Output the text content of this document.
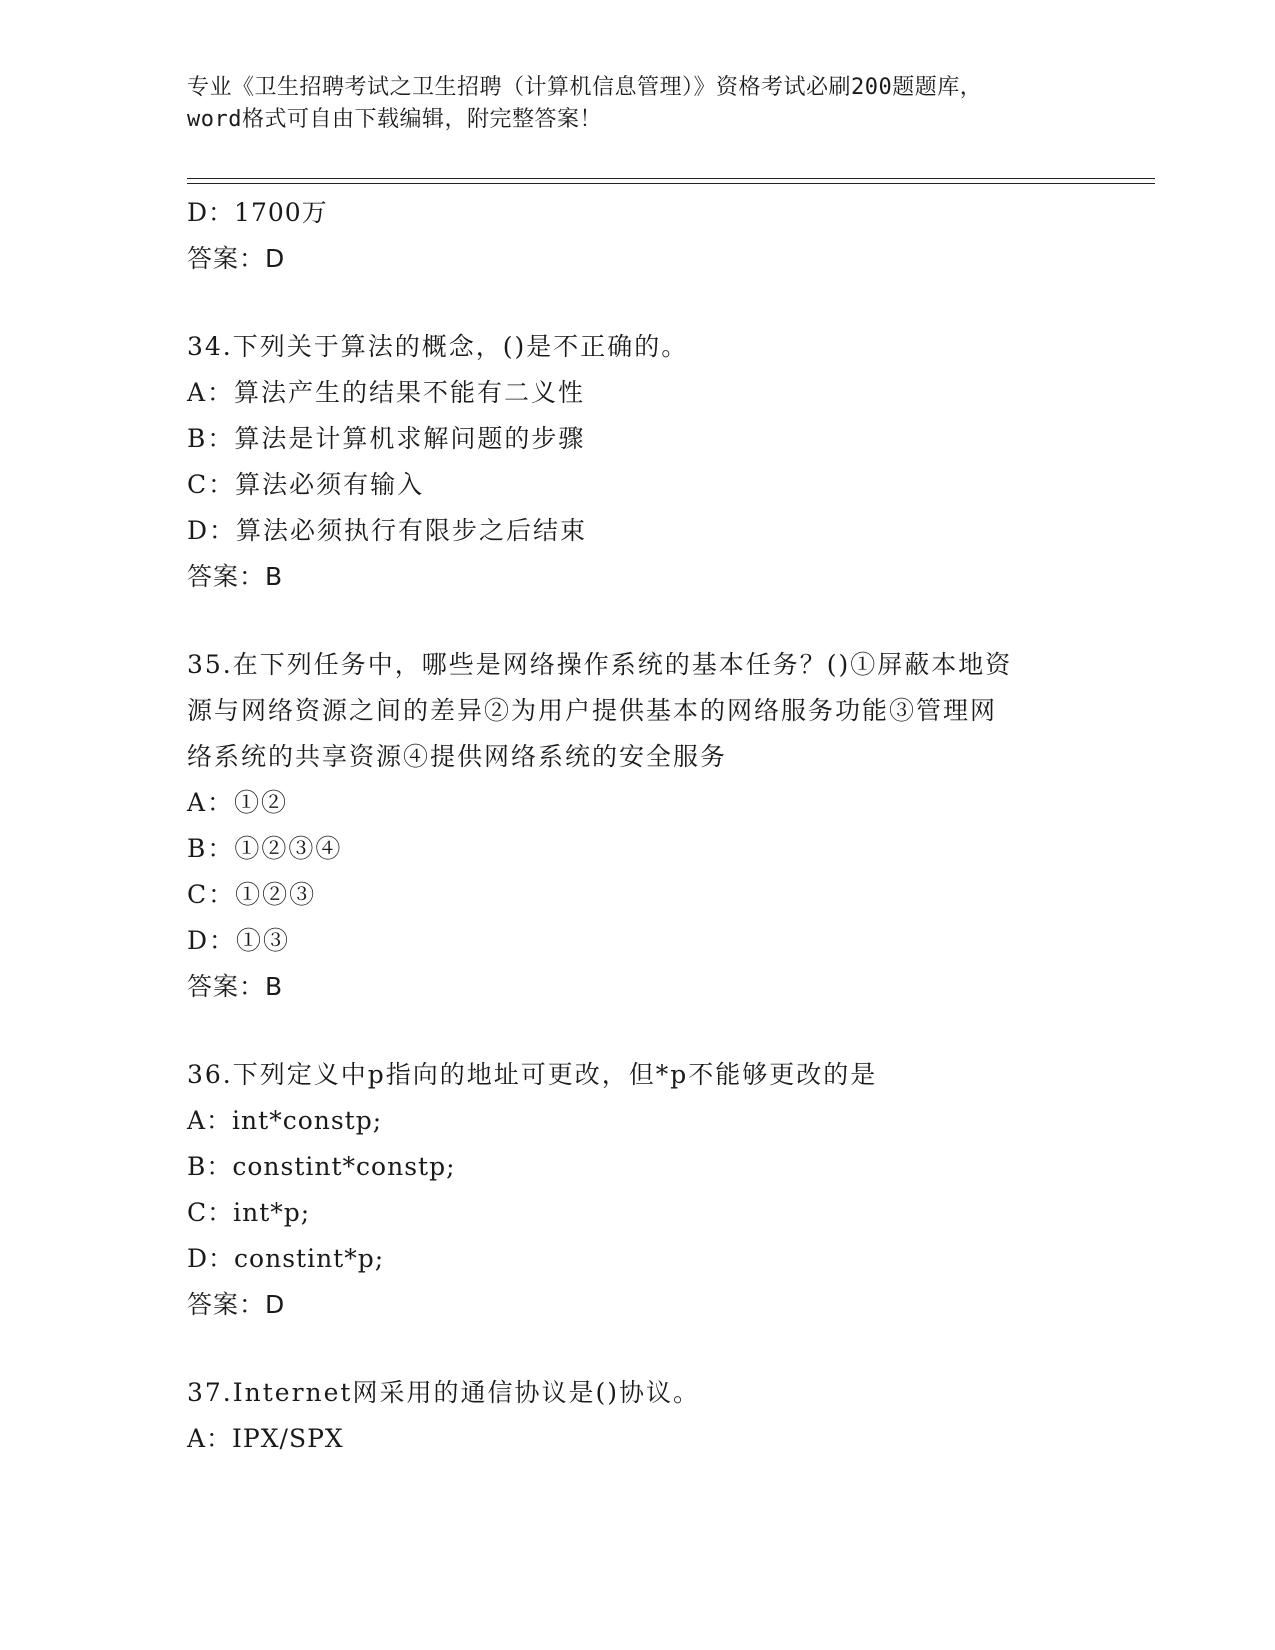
专业《卫生招聘考试之卫生招聘（计算机信息管理）》资格考试必刷200题题库，
word格式可自由下载编辑，附完整答案！
D：1700万
答案：D
34.下列关于算法的概念，()是不正确的。
A：算法产生的结果不能有二义性
B：算法是计算机求解问题的步骤
C：算法必须有输入
D：算法必须执行有限步之后结束
答案：B
35.在下列任务中，哪些是网络操作系统的基本任务？()①屏蔽本地资
源与网络资源之间的差异②为用户提供基本的网络服务功能③管理网
络系统的共享资源④提供网络系统的安全服务
A：①②
B：①②③④
C：①②③
D：①③
答案：B
36.下列定义中p指向的地址可更改，但*p不能够更改的是
A：int*constp;
B：constint*constp;
C：int*p;
D：constint*p;
答案：D
37.Internet网采用的通信协议是()协议。
A：IPX/SPX
